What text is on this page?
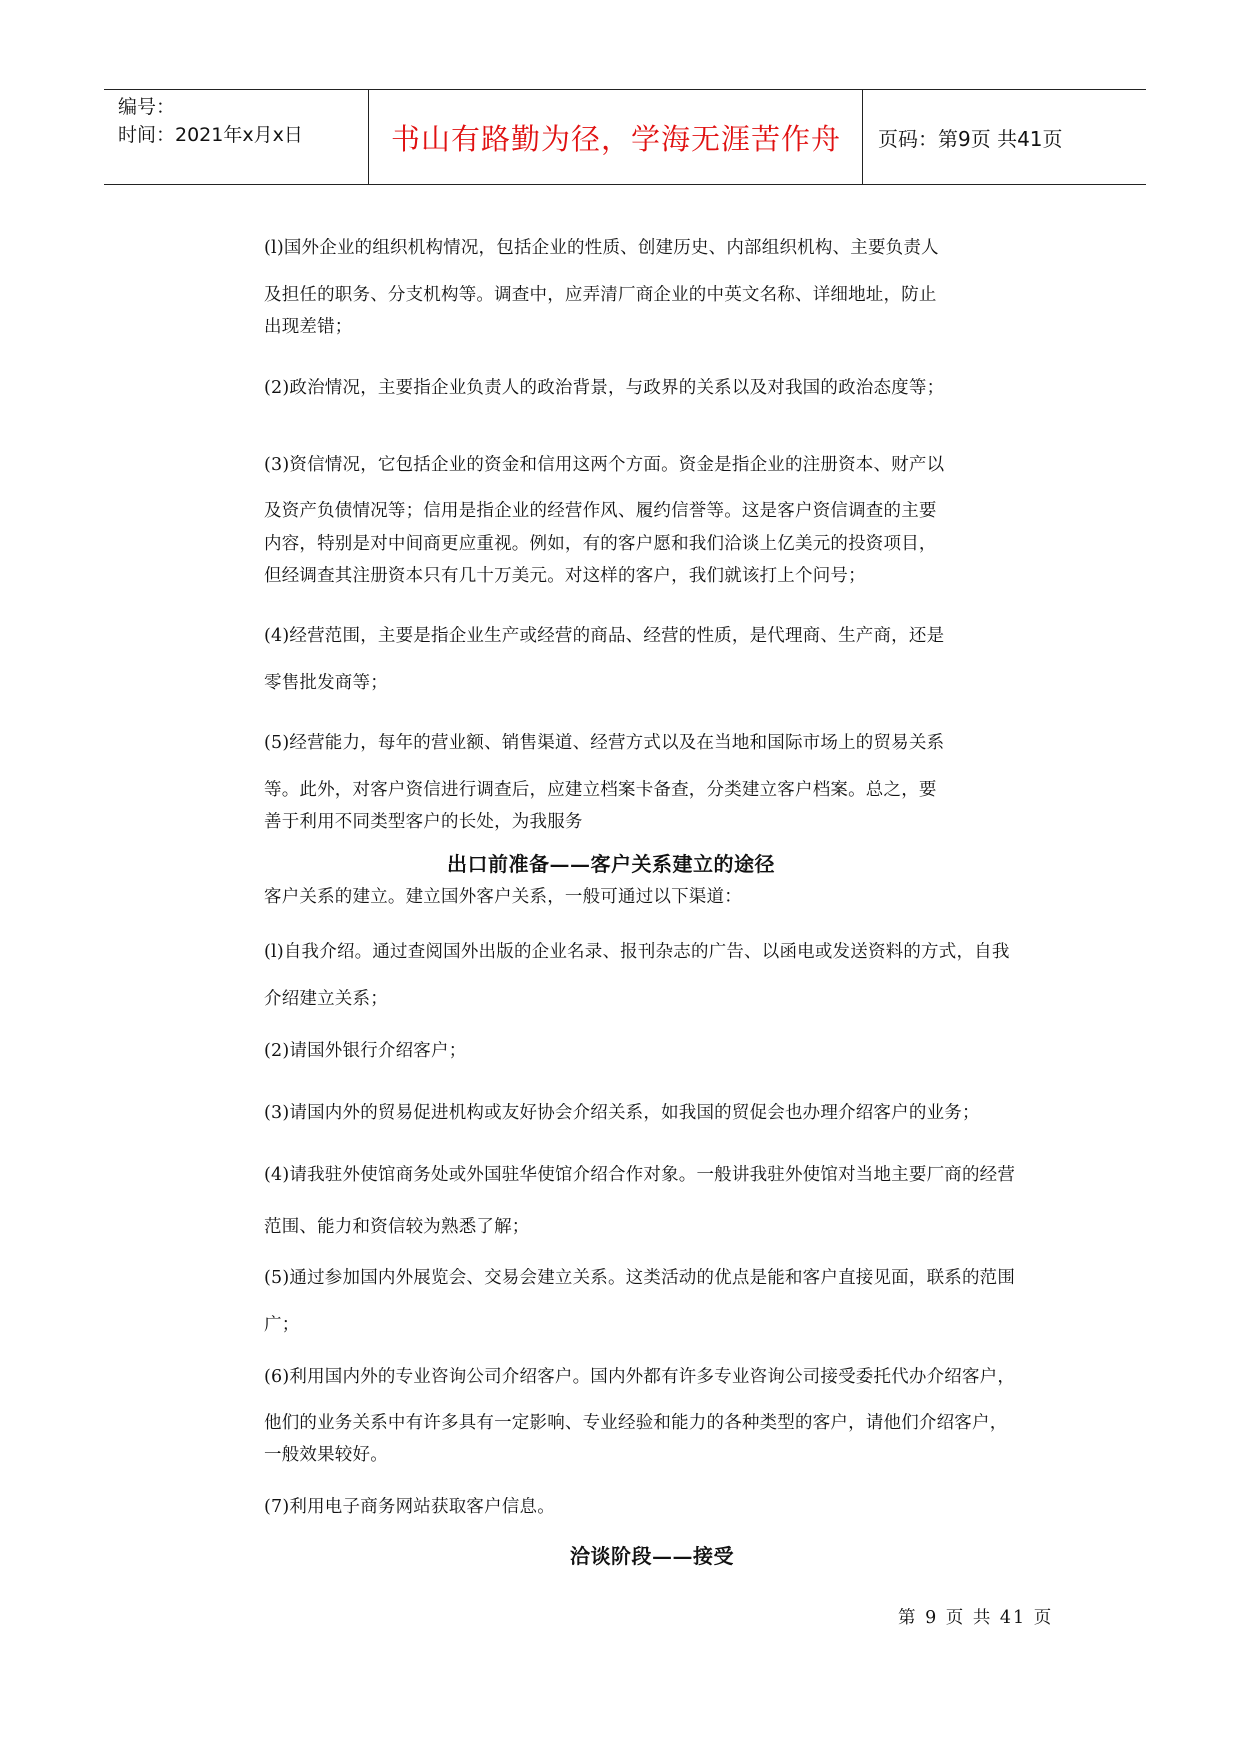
编号：
时间：2021年x月x日	书山有路勤为径，学海无涯苦作舟 页码：第9页 共41页
(l)国外企业的组织机构情况，包括企业的性质、创建历史、内部组织机构、主要负责人
及担任的职务、分支机构等。调查中，应弄清厂商企业的中英文名称、详细地址，防止
出现差错；
(2)政治情况，主要指企业负责人的政治背景，与政界的关系以及对我国的政治态度等；
(3)资信情况，它包括企业的资金和信用这两个方面。资金是指企业的注册资本、财产以
及资产负债情况等；信用是指企业的经营作风、履约信誉等。这是客户资信调查的主要
内容，特别是对中间商更应重视。例如，有的客户愿和我们洽谈上亿美元的投资项目，
但经调查其注册资本只有几十万美元。对这样的客户，我们就该打上个问号；
(4)经营范围，主要是指企业生产或经营的商品、经营的性质，是代理商、生产商，还是
零售批发商等；
(5)经营能力，每年的营业额、销售渠道、经营方式以及在当地和国际市场上的贸易关系
等。此外，对客户资信进行调查后，应建立档案卡备查，分类建立客户档案。总之，要
善于利用不同类型客户的长处，为我服务
出口前准备——客户关系建立的途径
客户关系的建立。建立国外客户关系，一般可通过以下渠道：
(l)自我介绍。通过查阅国外出版的企业名录、报刊杂志的广告、以函电或发送资料的方式，自我
介绍建立关系；
(2)请国外银行介绍客户；
(3)请国内外的贸易促进机构或友好协会介绍关系，如我国的贸促会也办理介绍客户的业务；
(4)请我驻外使馆商务处或外国驻华使馆介绍合作对象。一般讲我驻外使馆对当地主要厂商的经营
范围、能力和资信较为熟悉了解；
(5)通过参加国内外展览会、交易会建立关系。这类活动的优点是能和客户直接见面，联系的范围
广；
(6)利用国内外的专业咨询公司介绍客户。国内外都有许多专业咨询公司接受委托代办介绍客户，
他们的业务关系中有许多具有一定影响、专业经验和能力的各种类型的客户，请他们介绍客户，
一般效果较好。
(7)利用电子商务网站获取客户信息。
洽谈阶段——接受
第 9 页 共 41 页
